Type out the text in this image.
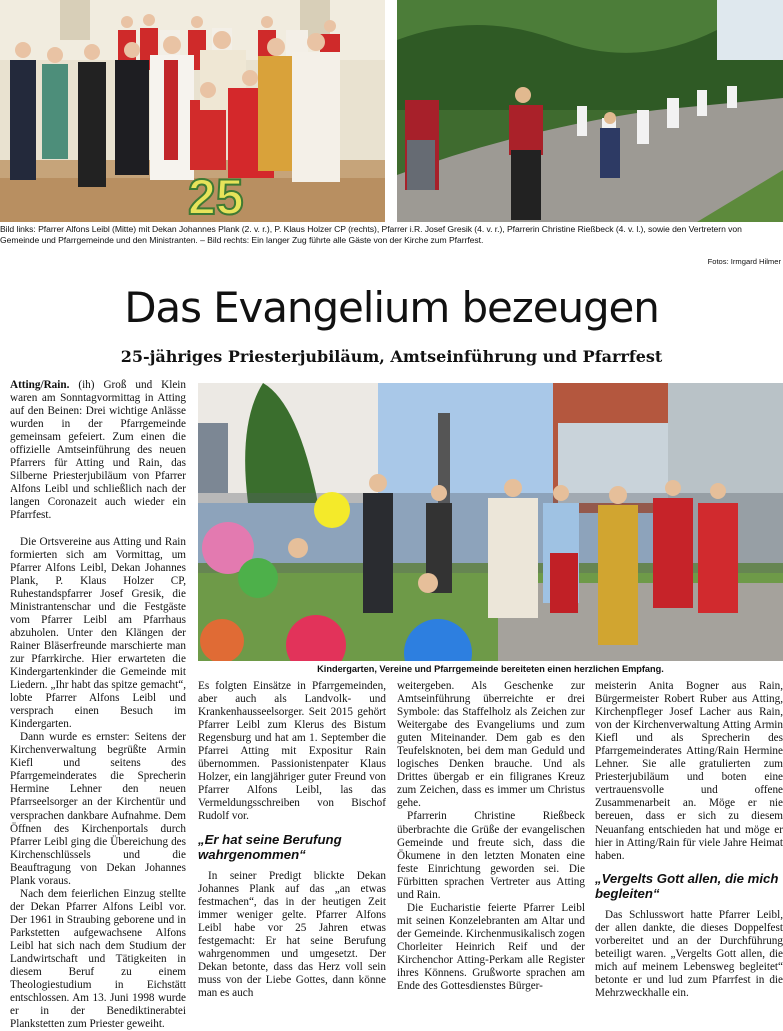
25
Bild links: Pfarrer Alfons Leibl (Mitte) mit Dekan Johannes Plank (2. v. r.), P. Klaus Holzer CP (rechts), Pfarrer i.R. Josef Gresik (4. v. r.), Pfarrerin Christine Rießbeck (4. v. l.), sowie den Vertretern von Gemeinde und Pfarrgemeinde und den Ministranten. – Bild rechts: Ein langer Zug führte alle Gäste von der Kirche zum Pfarrfest.
Fotos: Irmgard Hilmer
Das Evangelium bezeugen
25-jähriges Priesterjubiläum, Amtseinführung und Pfarrfest
Kindergarten, Vereine und Pfarrgemeinde bereiteten einen herzlichen Empfang.

Atting/Rain. (ih) Groß und Klein waren am Sonntagvormittag in Atting auf den Beinen: Drei wichtige Anlässe wurden in der Pfarrgemeinde gemeinsam gefeiert. Zum einen die offizielle Amtseinführung des neuen Pfarrers für Atting und Rain, das Silberne Priesterjubiläum von Pfarrer Alfons Leibl und schließlich nach der langen Coronazeit auch wieder ein Pfarrfest.

Die Ortsvereine aus Atting und Rain formierten sich am Vormittag, um Pfarrer Alfons Leibl, Dekan Johannes Plank, P. Klaus Holzer CP, Ruhestandspfarrer Josef Gresik, die Ministrantenschar und die Festgäste vom Pfarrer Leibl am Pfarrhaus abzuholen. Unter den Klängen der Rainer Bläserfreunde marschierte man zur Pfarrkirche. Hier erwarteten die Kindergartenkinder die Gemeinde mit Liedern. „Ihr habt das spitze gemacht“, lobte Pfarrer Alfons Leibl und versprach einen Besuch im Kindergarten.

Dann wurde es ernster: Seitens der Kirchenverwaltung begrüßte Armin Kiefl und seitens des Pfarrgemeinderates die Sprecherin Hermine Lehner den neuen Pfarrseelsorger an der Kirchentür und versprachen dankbare Aufnahme. Dem Öffnen des Kirchenportals durch Pfarrer Leibl ging die Übereichung des Kirchenschlüssels und die Beauftragung von Dekan Johannes Plank voraus.

Nach dem feierlichen Einzug stellte der Dekan Pfarrer Alfons Leibl vor. Der 1961 in Straubing geborene und in Parkstetten aufgewachsene Alfons Leibl hat sich nach dem Studium der Landwirtschaft und Tätigkeiten in diesem Beruf zu einem Theologiestudium in Eichstätt entschlossen. Am 13. Juni 1998 wurde er in der Benediktinerabtei Plankstetten zum Priester geweiht.

Es folgten Einsätze in Pfarrgemeinden, aber auch als Landvolk- und Krankenhausseelsorger. Seit 2015 gehört Pfarrer Leibl zum Klerus des Bistum Regensburg und hat am 1. September die Pfarrei Atting mit Expositur Rain übernommen. Passionistenpater Klaus Holzer, ein langjähriger guter Freund von Pfarrer Alfons Leibl, las das Vermeldungsschreiben von Bischof Rudolf vor.

„Er hat seine Berufung wahrgenommen“

In seiner Predigt blickte Dekan Johannes Plank auf das „an etwas festmachen“, das in der heutigen Zeit immer weniger gelte. Pfarrer Alfons Leibl habe vor 25 Jahren etwas festgemacht: Er hat seine Berufung wahrgenommen und umgesetzt. Der Dekan betonte, dass das Herz voll sein muss von der Liebe Gottes, dann könne man es auch

weitergeben. Als Geschenke zur Amtseinführung überreichte er drei Symbole: das Staffelholz als Zeichen zur Weitergabe des Evangeliums und zum guten Miteinander. Dem gab es den Teufelsknoten, bei dem man Geduld und logisches Denken brauche. Und als Drittes übergab er ein filigranes Kreuz zum Zeichen, dass es immer um Christus gehe.

Pfarrerin Christine Rießbeck überbrachte die Grüße der evangelischen Gemeinde und freute sich, dass die Ökumene in den letzten Monaten eine feste Einrichtung geworden sei. Die Fürbitten sprachen Vertreter aus Atting und Rain.

Die Eucharistie feierte Pfarrer Leibl mit seinen Konzelebranten am Altar und der Gemeinde. Kirchenmusikalisch zogen Chorleiter Heinrich Reif und der Kirchenchor Atting-Perkam alle Register ihres Könnens. Grußworte sprachen am Ende des Gottesdienstes Bürger-

meisterin Anita Bogner aus Rain, Bürgermeister Robert Ruber aus Atting, Kirchenpfleger Josef Lacher aus Rain, von der Kirchenverwaltung Atting Armin Kiefl und als Sprecherin des Pfarrgemeinderates Atting/Rain Hermine Lehner. Sie alle gratulierten zum Priesterjubiläum und boten eine vertrauensvolle und offene Zusammenarbeit an. Möge er nie bereuen, dass er sich zu diesem Neuanfang entschieden hat und möge er hier in Atting/Rain für viele Jahre Heimat haben.

„Vergelts Gott allen, die mich begleiten“

Das Schlusswort hatte Pfarrer Leibl, der allen dankte, die dieses Doppelfest vorbereitet und an der Durchführung beteiligt waren. „Vergelts Gott allen, die mich auf meinem Lebensweg begleitet“ betonte er und lud zum Pfarrfest in die Mehrzweckhalle ein.
